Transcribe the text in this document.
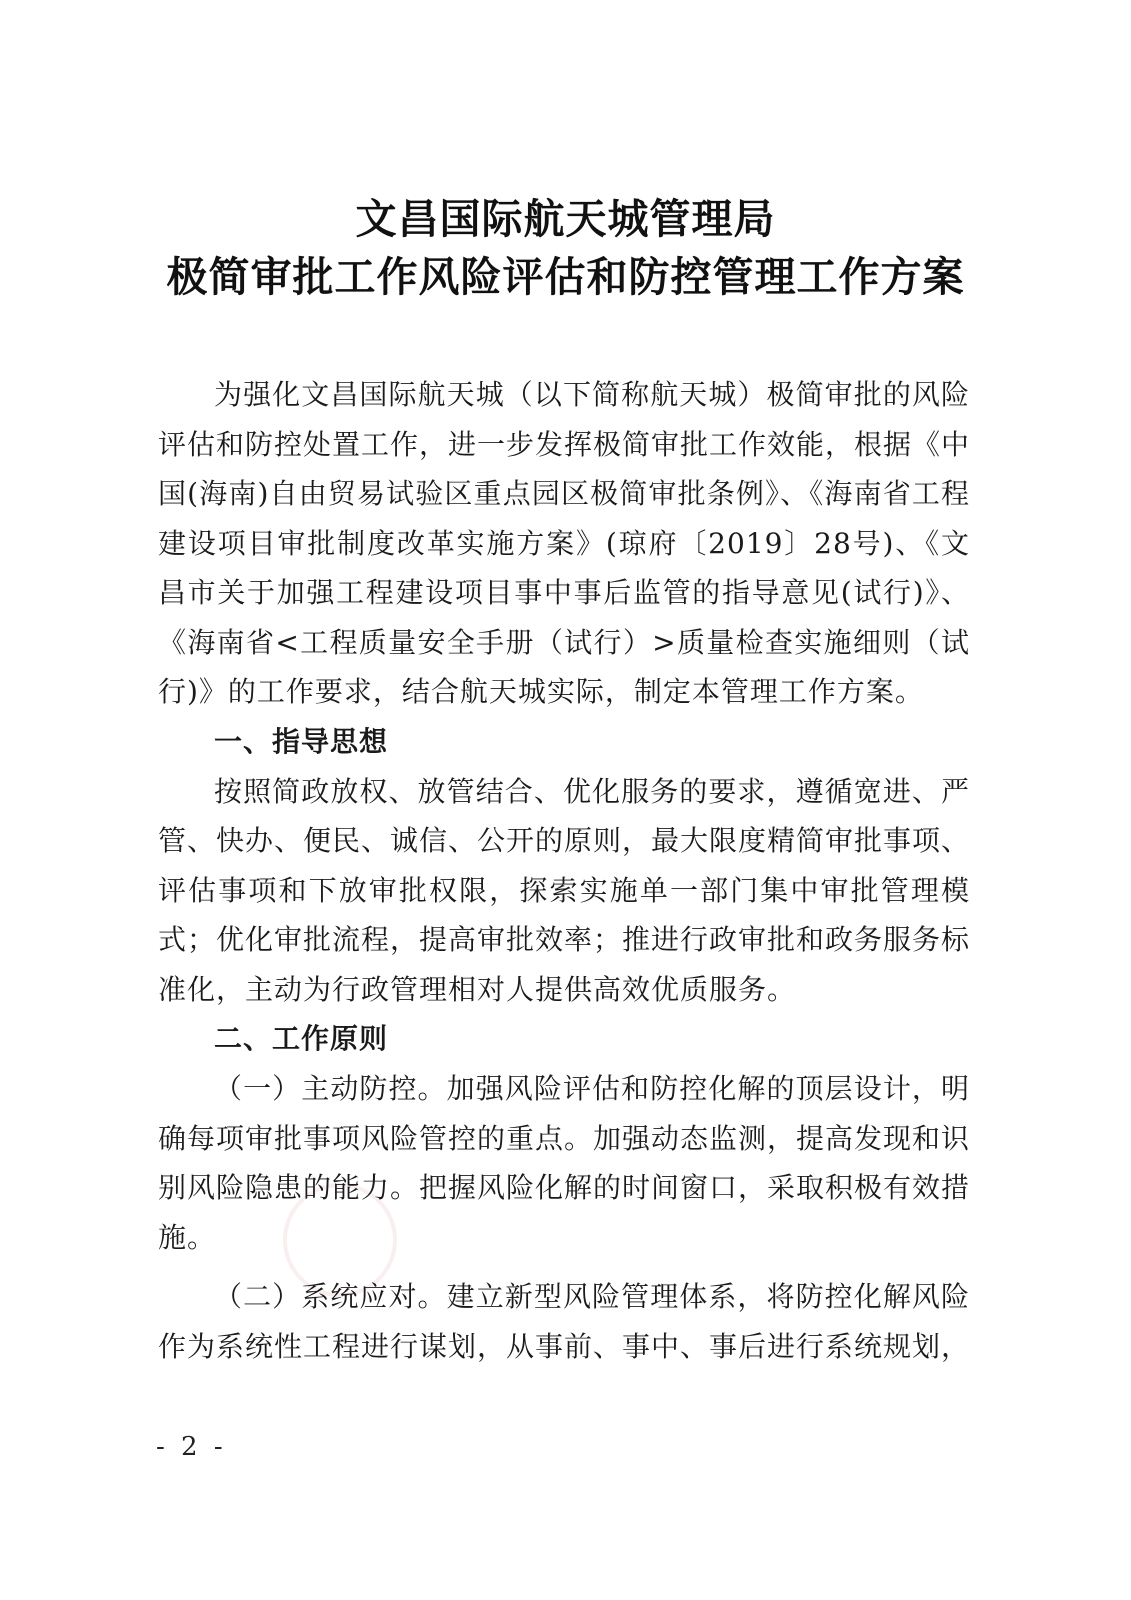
文昌国际航天城管理局
极简审批工作风险评估和防控管理工作方案

为强化文昌国际航天城（以下简称航天城）极简审批的风险评估和防控处置工作，进一步发挥极简审批工作效能，根据《中国(海南)自由贸易试验区重点园区极简审批条例》、《海南省工程建设项目审批制度改革实施方案》(琼府〔2019〕28号)、《文昌市关于加强工程建设项目事中事后监管的指导意见(试行)》、《海南省<工程质量安全手册（试行）>质量检查实施细则（试行)》的工作要求，结合航天城实际，制定本管理工作方案。

一、指导思想

按照简政放权、放管结合、优化服务的要求，遵循宽进、严管、快办、便民、诚信、公开的原则，最大限度精简审批事项、评估事项和下放审批权限，探索实施单一部门集中审批管理模式；优化审批流程，提高审批效率；推进行政审批和政务服务标准化，主动为行政管理相对人提供高效优质服务。

二、工作原则

（一）主动防控。加强风险评估和防控化解的顶层设计，明确每项审批事项风险管控的重点。加强动态监测，提高发现和识别风险隐患的能力。把握风险化解的时间窗口，采取积极有效措施。

（二）系统应对。建立新型风险管理体系，将防控化解风险作为系统性工程进行谋划，从事前、事中、事后进行系统规划，

- 2 -
